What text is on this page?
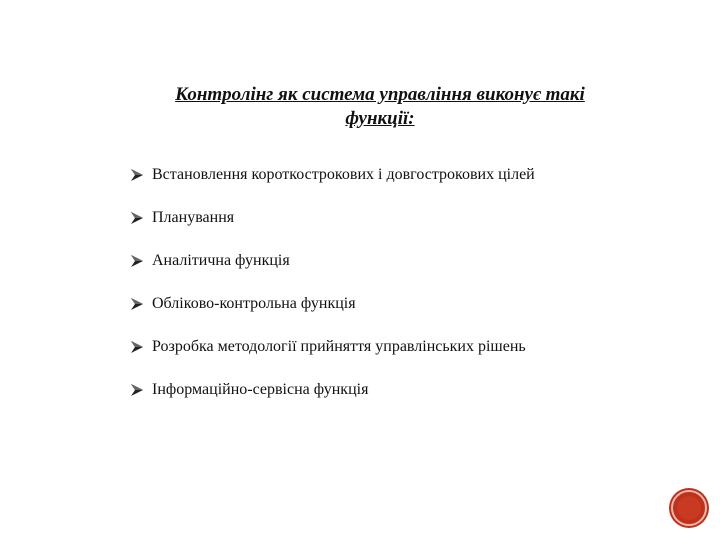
Контролінг як система управління виконує такі функції:
Встановлення короткострокових і довгострокових цілей
Планування
Аналітична функція
Обліково-контрольна функція
Розробка методології прийняття управлінських рішень
Інформаційно-сервісна функція
